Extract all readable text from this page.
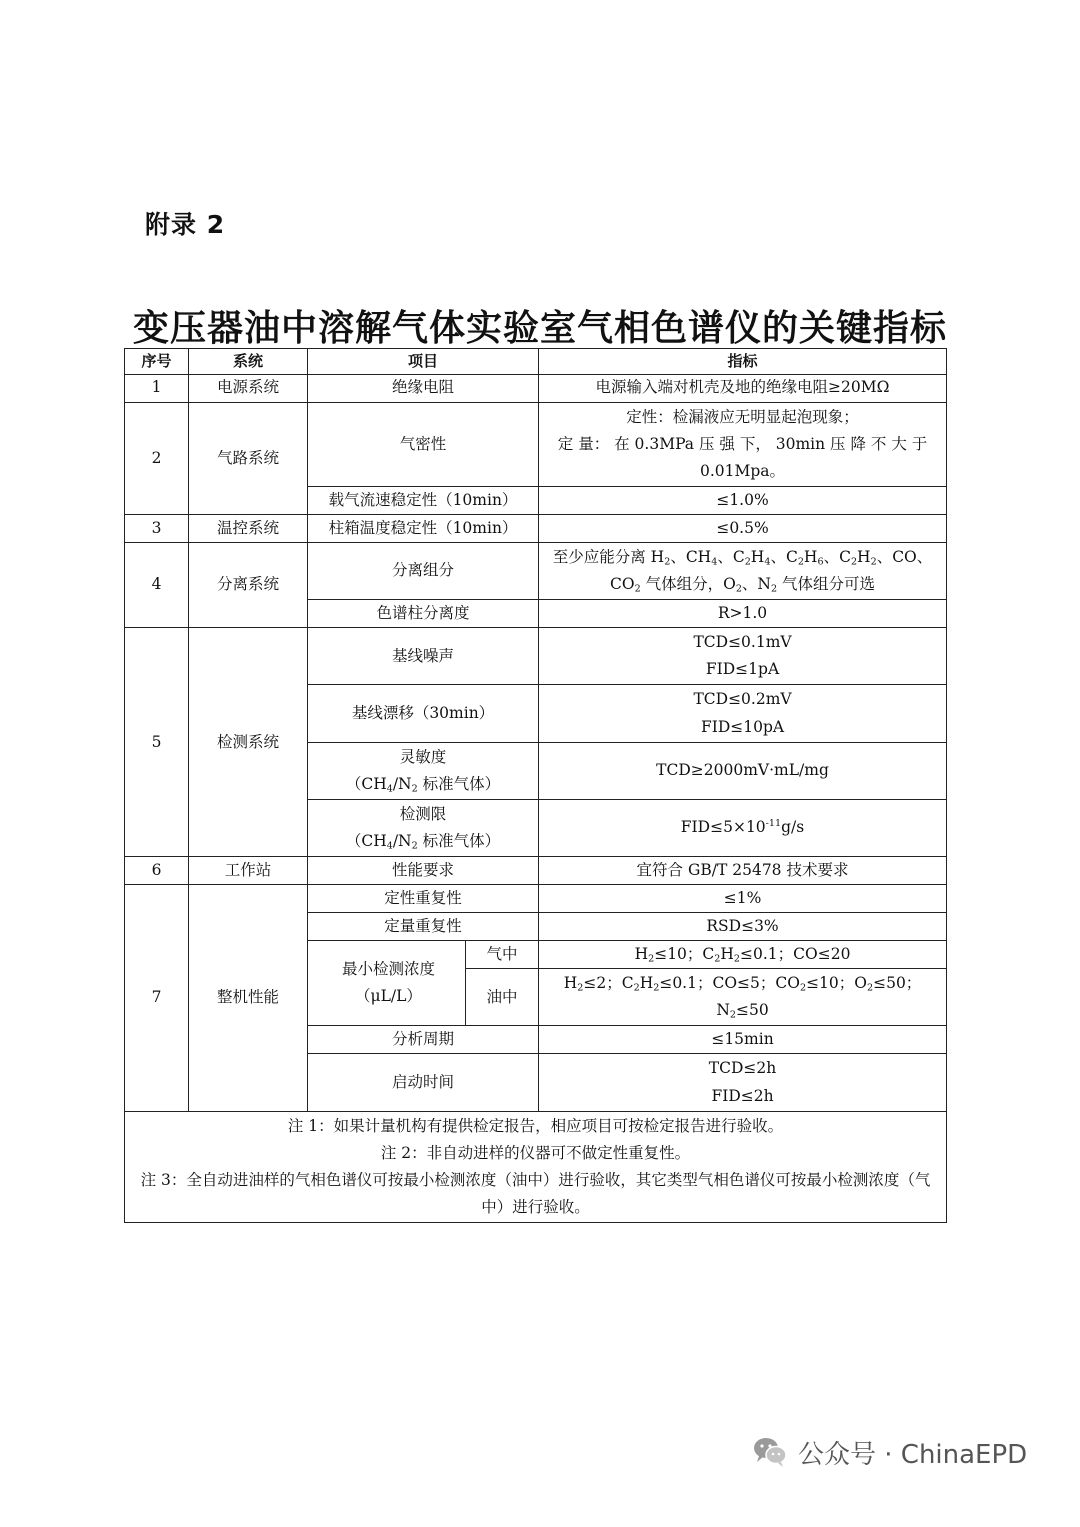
附录 2
变压器油中溶解气体实验室气相色谱仪的关键指标
序号	系统	项目		指标
1	电源系统	绝缘电阻		电源输入端对机壳及地的绝缘电阻≥20MΩ
2	气路系统	气密性		定性：检漏液应无明显起泡现象；
定 量： 在 0.3MPa 压 强 下， 30min 压 降 不 大 于 0.01Mpa。

		载气流速稳定性（10min）		≤1.0%
3	温控系统	柱箱温度稳定性（10min）		≤0.5%
4	分离系统	分离组分		至少应能分离 $H_2$、$CH_4$、$C_2H_4$、$C_2H_6$、$C_2H_2$、CO、$CO_2$ 气体组分，$O_2$、$N_2$ 气体组分可选
		色谱柱分离度		R>1.0
5	检测系统	基线噪声		TCD≤0.1mV
FID≤1pA

		基线漂移（30min）		TCD≤0.2mV
FID≤10pA

		灵敏度
（$CH_4/N_2$ 标准气体）		TCD≥2000mV·mL/mg

		检测限
（$CH_4/N_2$ 标准气体）		$FID\le 5\times 10^{-11}g/s$
6	工作站	性能要求		宜符合 GB/T 25478 技术要求
7	整机性能	定性重复性		≤1%
		定量重复性		RSD≤3%
		最小检测浓度（μL/L）	气中	$H_2\le 10$；$C_2H_2\le 0.1$；CO≤20
			油中	$H_2\le 2$；$C_2H_2\le 0.1$；CO≤5；$CO_2\le 10$；$O_2\le 50$；$N_2\le 50$
		分析周期		≤15min
		启动时间		TCD≤2h
FID≤2h

注 1：如果计量机构有提供检定报告，相应项目可按检定报告进行验收。
注 2：非自动进样的仪器可不做定性重复性。
注 3：全自动进油样的气相色谱仪可按最小检测浓度（油中）进行验收，其它类型气相色谱仪可按最小检测浓度（气中）进行验收。				
公众号 · ChinaEPD
